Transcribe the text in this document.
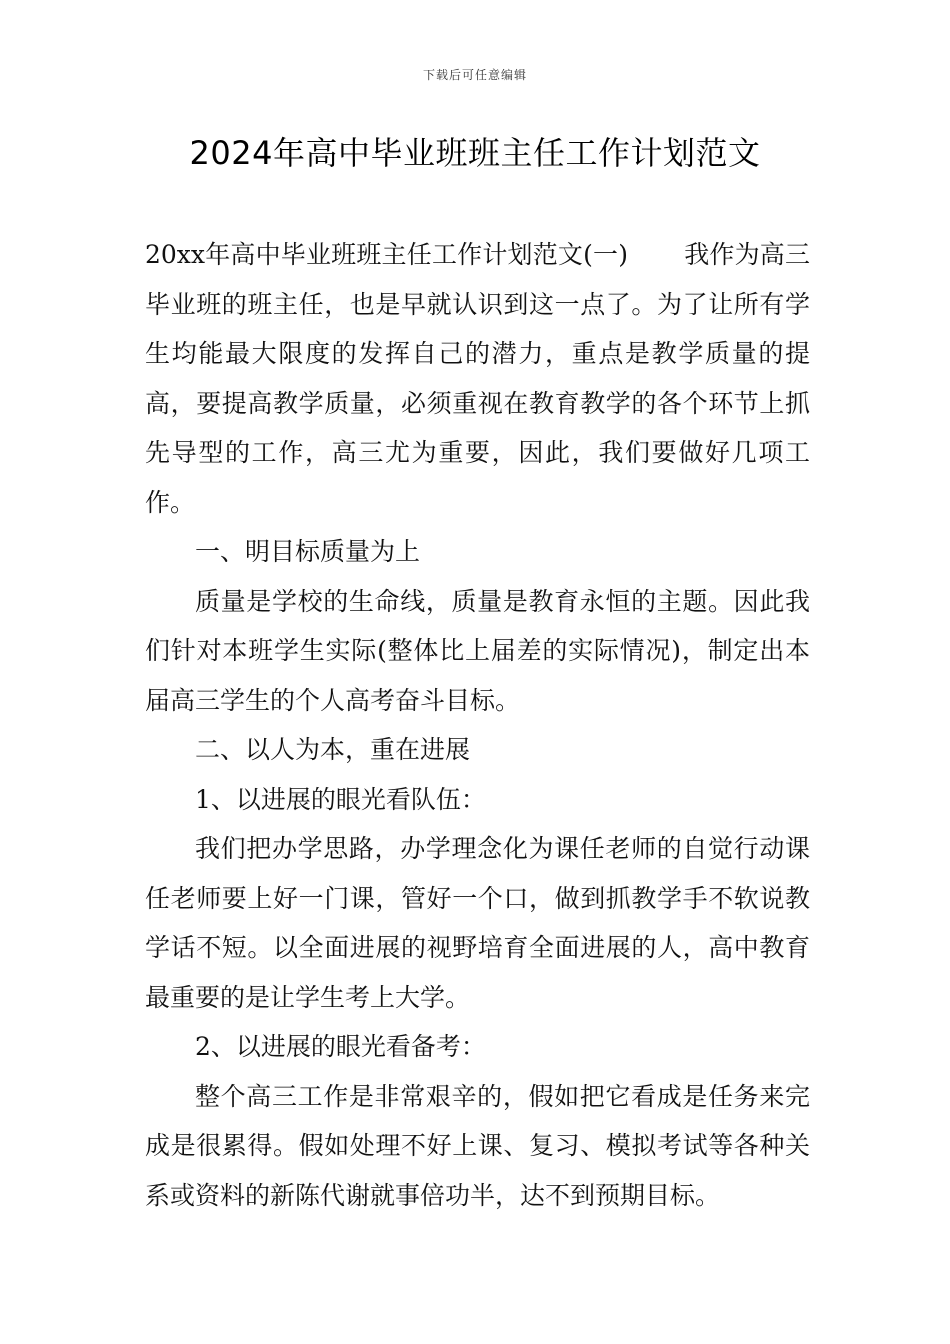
下载后可任意编辑
2024年高中毕业班班主任工作计划范文

20xx年高中毕业班班主任工作计划范文(一) 我作为高三毕业班的班主任，也是早就认识到这一点了。为了让所有学生均能最大限度的发挥自己的潜力，重点是教学质量的提高，要提高教学质量，必须重视在教育教学的各个环节上抓先导型的工作，高三尤为重要，因此，我们要做好几项工作。

一、明目标质量为上

质量是学校的生命线，质量是教育永恒的主题。因此我们针对本班学生实际(整体比上届差的实际情况)，制定出本届高三学生的个人高考奋斗目标。

二、以人为本，重在进展

1、以进展的眼光看队伍：

我们把办学思路，办学理念化为课任老师的自觉行动课任老师要上好一门课，管好一个口，做到抓教学手不软说教学话不短。以全面进展的视野培育全面进展的人，高中教育最重要的是让学生考上大学。

2、以进展的眼光看备考：

整个高三工作是非常艰辛的，假如把它看成是任务来完成是很累得。假如处理不好上课、复习、模拟考试等各种关系或资料的新陈代谢就事倍功半，达不到预期目标。
